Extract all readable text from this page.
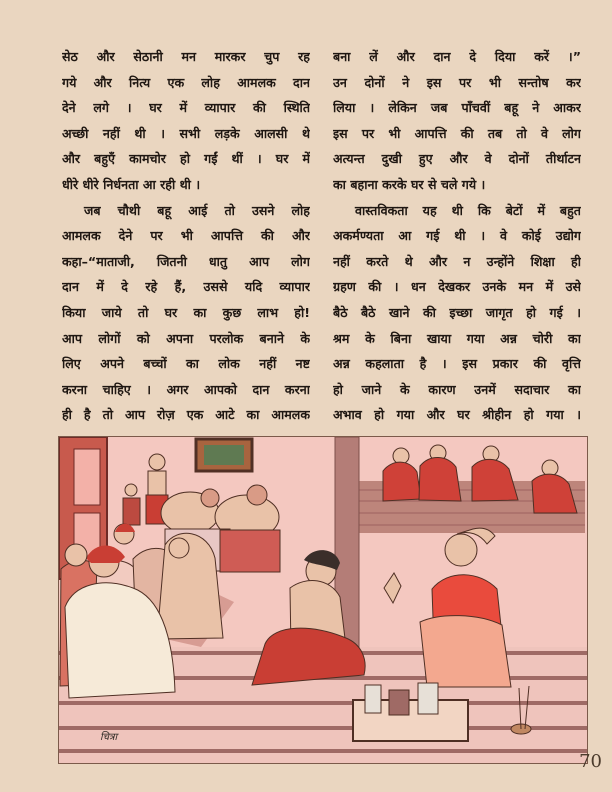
सेठ और सेठानी मन मारकर चुप रह
गये और नित्य एक लोह आमलक दान
देने लगे । घर में व्यापार की स्थिति
अच्छी नहीं थी । सभी लड़के आलसी थे
और बहुएँ कामचोर हो गईं थीं । घर में
धीरे धीरे निर्धनता आ रही थी ।
जब चौथी बहू आई तो उसने लोह
आमलक देने पर भी आपत्ति की और
कहा–“माताजी, जितनी धातु आप लोग
दान में दे रहे हैं, उससे यदि व्यापार
किया जाये तो घर का कुछ लाभ हो!
आप लोगों को अपना परलोक बनाने के
लिए अपने बच्चों का लोक नहीं नष्ट
करना चाहिए । अगर आपको दान करना
ही है तो आप रोज़ एक आटे का आमलक
बना लें और दान दे दिया करें ।”
उन दोनों ने इस पर भी सन्तोष कर
लिया । लेकिन जब पाँचवीं बहू ने आकर
इस पर भी आपत्ति की तब तो वे लोग
अत्यन्त दुखी हुए और वे दोनों तीर्थाटन
का बहाना करके घर से चले गये ।
वास्तविकता यह थी कि बेटों में बहुत
अकर्मण्यता आ गई थी । वे कोई उद्योग
नहीं करते थे और न उन्होंने शिक्षा ही
ग्रहण की । धन देखकर उनके मन में उसे
बैठे बैठे खाने की इच्छा जागृत हो गई ।
श्रम के बिना खाया गया अन्न चोरी का
अन्न कहलाता है । इस प्रकार की वृत्ति
हो जाने के कारण उनमें सदाचार का
अभाव हो गया और घर श्रीहीन हो गया ।
चित्रा
70
